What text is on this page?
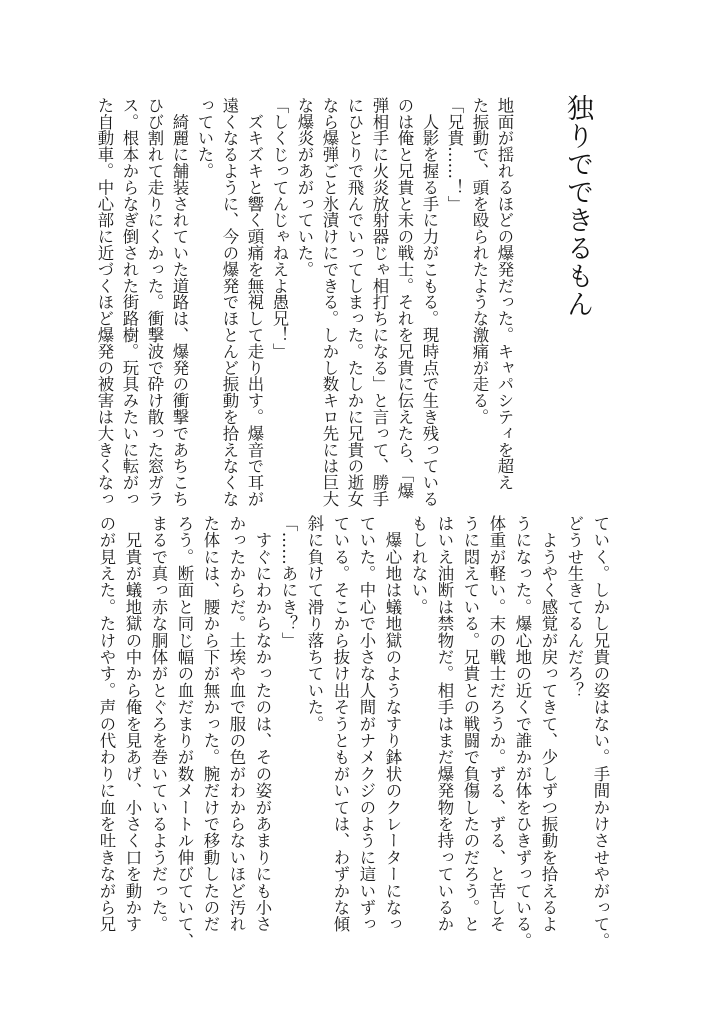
独りでできるもん
地面が揺れるほどの爆発だった。キャパシティを超え
た振動で、頭を殴られたような激痛が走る。
「兄貴……！」
　人影を握る手に力がこもる。現時点で生き残っている
のは俺と兄貴と末の戦士。それを兄貴に伝えたら、「爆
弾相手に火炎放射器じゃ相打ちになる」と言って、勝手
にひとりで飛んでいってしまった。たしかに兄貴の逝女
なら爆弾ごと氷漬けにできる。しかし数キロ先には巨大
な爆炎があがっていた。
「しくじってんじゃねえよ愚兄！」
　ズキズキと響く頭痛を無視して走り出す。爆音で耳が
遠くなるように、今の爆発でほとんど振動を拾えなくな
っていた。
　綺麗に舗装されていた道路は、爆発の衝撃であちこち
ひび割れて走りにくかった。衝撃波で砕け散った窓ガラ
ス。根本からなぎ倒された街路樹。玩具みたいに転がっ
た自動車。中心部に近づくほど爆発の被害は大きくなっ
ていく。しかし兄貴の姿はない。手間かけさせやがって。
どうせ生きてるんだろ？
　ようやく感覚が戻ってきて、少しずつ振動を拾えるよ
うになった。爆心地の近くで誰かが体をひきずっている。
体重が軽い。末の戦士だろうか。ずる、ずる、と苦しそ
うに悶えている。兄貴との戦闘で負傷したのだろう。と
はいえ油断は禁物だ。相手はまだ爆発物を持っているか
もしれない。
　爆心地は蟻地獄のようなすり鉢状のクレーターになっ
ていた。中心で小さな人間がナメクジのように這いずっ
ている。そこから抜け出そうともがいては、わずかな傾
斜に負けて滑り落ちていた。
「……あにき？」
　すぐにわからなかったのは、その姿があまりにも小さ
かったからだ。土埃や血で服の色がわからないほど汚れ
た体には、腰から下が無かった。腕だけで移動したのだ
ろう。断面と同じ幅の血だまりが数メートル伸びていて、
まるで真っ赤な胴体がとぐろを巻いているようだった。
　兄貴が蟻地獄の中から俺を見あげ、小さく口を動かす
のが見えた。たけやす。声の代わりに血を吐きながら兄
